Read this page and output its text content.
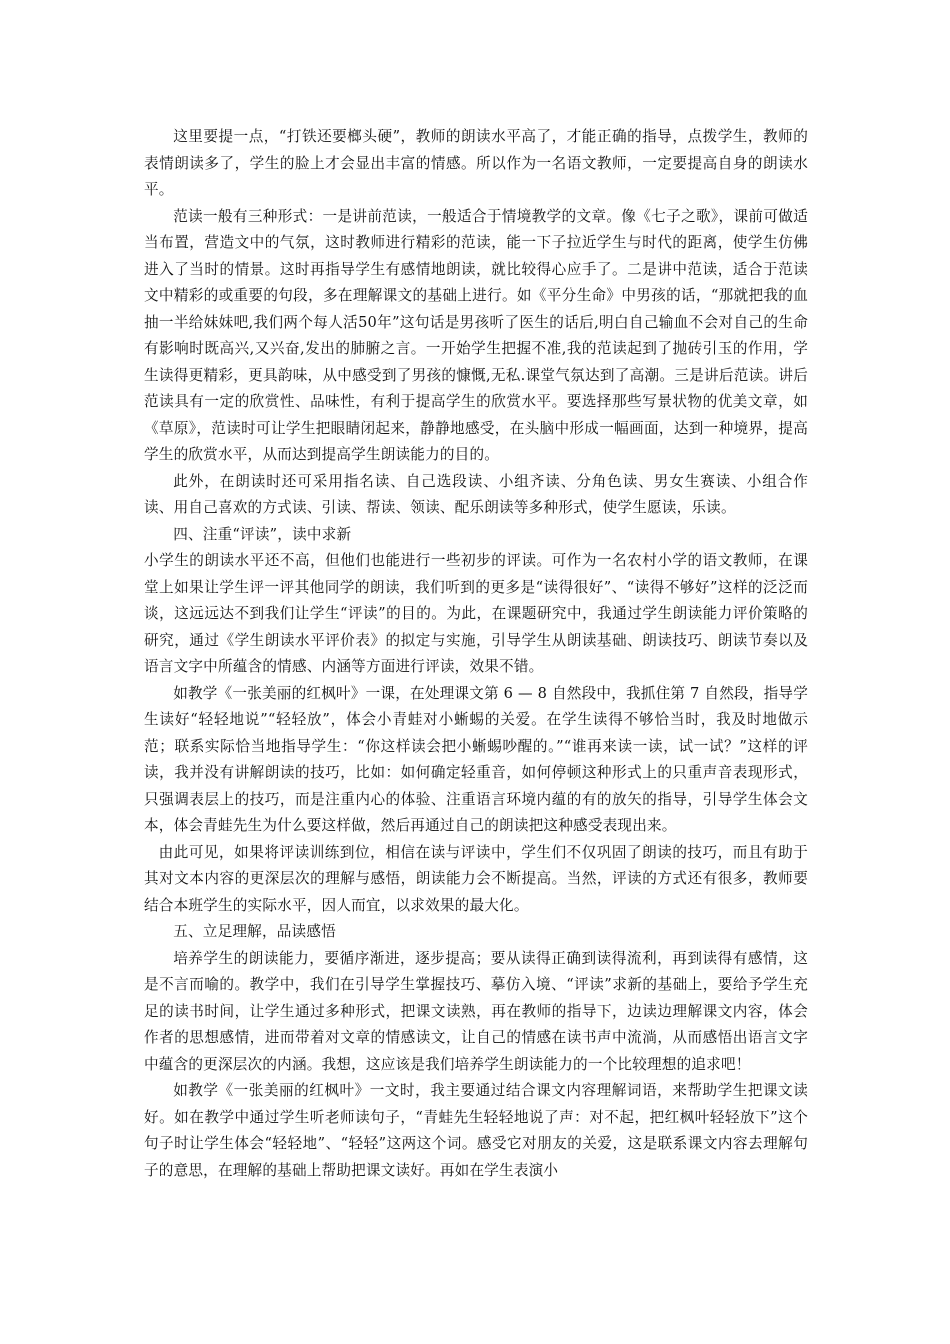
这里要提一点，“打铁还要榔头硬”，教师的朗读水平高了，才能正确的指导，点拨学生，教师的表情朗读多了，学生的脸上才会显出丰富的情感。所以作为一名语文教师，一定要提高自身的朗读水平。

范读一般有三种形式：一是讲前范读，一般适合于情境教学的文章。像《七子之歌》，课前可做适当布置，营造文中的气氛，这时教师进行精彩的范读，能一下子拉近学生与时代的距离，使学生仿佛进入了当时的情景。这时再指导学生有感情地朗读，就比较得心应手了。二是讲中范读，适合于范读文中精彩的或重要的句段，多在理解课文的基础上进行。如《平分生命》中男孩的话，“那就把我的血抽一半给妹妹吧,我们两个每人活50年”这句话是男孩听了医生的话后,明白自己输血不会对自己的生命有影响时既高兴,又兴奋,发出的肺腑之言。一开始学生把握不准,我的范读起到了抛砖引玉的作用，学生读得更精彩，更具韵味，从中感受到了男孩的慷慨,无私.课堂气氛达到了高潮。三是讲后范读。讲后范读具有一定的欣赏性、品味性，有利于提高学生的欣赏水平。要选择那些写景状物的优美文章，如《草原》，范读时可让学生把眼睛闭起来，静静地感受，在头脑中形成一幅画面，达到一种境界，提高学生的欣赏水平，从而达到提高学生朗读能力的目的。

此外，在朗读时还可采用指名读、自己选段读、小组齐读、分角色读、男女生赛读、小组合作读、用自己喜欢的方式读、引读、帮读、领读、配乐朗读等多种形式，使学生愿读，乐读。

四、注重“评读”，读中求新

小学生的朗读水平还不高，但他们也能进行一些初步的评读。可作为一名农村小学的语文教师，在课堂上如果让学生评一评其他同学的朗读，我们听到的更多是“读得很好”、“读得不够好”这样的泛泛而谈，这远远达不到我们让学生“评读”的目的。为此，在课题研究中，我通过学生朗读能力评价策略的研究，通过《学生朗读水平评价表》的拟定与实施，引导学生从朗读基础、朗读技巧、朗读节奏以及语言文字中所蕴含的情感、内涵等方面进行评读，效果不错。

如教学《一张美丽的红枫叶》一课，在处理课文第 6 — 8 自然段中，我抓住第 7 自然段，指导学生读好“轻轻地说”“轻轻放”，体会小青蛙对小蜥蜴的关爱。在学生读得不够恰当时，我及时地做示范；联系实际恰当地指导学生：“你这样读会把小蜥蜴吵醒的。”“谁再来读一读，试一试？”这样的评读，我并没有讲解朗读的技巧，比如：如何确定轻重音，如何停顿这种形式上的只重声音表现形式，只强调表层上的技巧，而是注重内心的体验、注重语言环境内蕴的有的放矢的指导，引导学生体会文本，体会青蛙先生为什么要这样做，然后再通过自己的朗读把这种感受表现出来。

由此可见，如果将评读训练到位，相信在读与评读中，学生们不仅巩固了朗读的技巧，而且有助于其对文本内容的更深层次的理解与感悟，朗读能力会不断提高。当然，评读的方式还有很多，教师要结合本班学生的实际水平，因人而宜，以求效果的最大化。

五、立足理解，品读感悟

培养学生的朗读能力，要循序渐进，逐步提高；要从读得正确到读得流利，再到读得有感情，这是不言而喻的。教学中，我们在引导学生掌握技巧、摹仿入境、“评读”求新的基础上，要给予学生充足的读书时间，让学生通过多种形式，把课文读熟，再在教师的指导下，边读边理解课文内容，体会作者的思想感情，进而带着对文章的情感读文，让自己的情感在读书声中流淌，从而感悟出语言文字中蕴含的更深层次的内涵。我想，这应该是我们培养学生朗读能力的一个比较理想的追求吧！

如教学《一张美丽的红枫叶》一文时，我主要通过结合课文内容理解词语，来帮助学生把课文读好。如在教学中通过学生听老师读句子，“青蛙先生轻轻地说了声：对不起，把红枫叶轻轻放下”这个句子时让学生体会“轻轻地”、“轻轻”这两这个词。感受它对朋友的关爱，这是联系课文内容去理解句子的意思，在理解的基础上帮助把课文读好。再如在学生表演小
